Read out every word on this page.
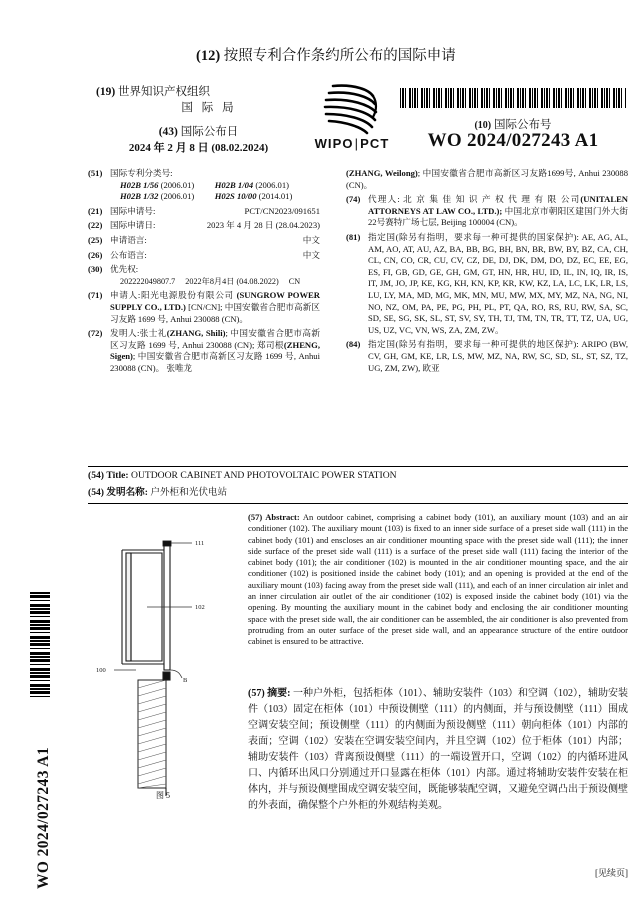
WO 2024/027243 A1
(12) 按照专利合作条约所公布的国际申请
(19) 世界知识产权组织
国 际 局
(43) 国际公布日
2024 年 2 月 8 日 (08.02.2024)	WIPO|PCT
(10) 国际公布号
WO 2024/027243 A1
(51) 国际专利分类号:
H02B 1/56 (2006.01)	H02B 1/04 (2006.01)
H02B 1/32 (2006.01)	H02S 10/00 (2014.01)
(21) 国际申请号:	PCT/CN2023/091651
(22) 国际申请日:	2023 年 4 月 28 日 (28.04.2023)
(25) 申请语言:	中文
(26) 公布语言:	中文
(30) 优先权:
202222049807.7 2022年8月4日 (04.08.2022) CN
(71) 申请人:阳光电源股份有限公司 (SUNGROW POWER SUPPLY CO., LTD.) [CN/CN]; 中国安徽省合肥市高新区习友路 1699 号, Anhui 230088 (CN)。
(72) 发明人:张士礼(ZHANG, Shili); 中国安徽省合肥市高新区习友路 1699 号, Anhui 230088 (CN); 郑司根(ZHENG, Sigen); 中国安徽省合肥市高新区习友路 1699 号, Anhui 230088 (CN)。 张唯龙
(ZHANG, Weilong); 中国安徽省合肥市高新区习友路1699号, Anhui 230088 (CN)。
(74) 代理人: 北 京 集 佳 知 识 产 权 代 理 有 限 公司(UNITALEN ATTORNEYS AT LAW CO., LTD.); 中国北京市朝阳区建国门外大街22号赛特广场七层, Beijing 100004 (CN)。
(81) 指定国(除另有指明，要求每一种可提供的国家保护): AE, AG, AL, AM, AO, AT, AU, AZ, BA, BB, BG, BH, BN, BR, BW, BY, BZ, CA, CH, CL, CN, CO, CR, CU, CV, CZ, DE, DJ, DK, DM, DO, DZ, EC, EE, EG, ES, FI, GB, GD, GE, GH, GM, GT, HN, HR, HU, ID, IL, IN, IQ, IR, IS, IT, JM, JO, JP, KE, KG, KH, KN, KP, KR, KW, KZ, LA, LC, LK, LR, LS, LU, LY, MA, MD, MG, MK, MN, MU, MW, MX, MY, MZ, NA, NG, NI, NO, NZ, OM, PA, PE, PG, PH, PL, PT, QA, RO, RS, RU, RW, SA, SC, SD, SE, SG, SK, SL, ST, SV, SY, TH, TJ, TM, TN, TR, TT, TZ, UA, UG, US, UZ, VC, VN, WS, ZA, ZM, ZW。
(84) 指定国(除另有指明，要求每一种可提供的地区保护): ARIPO (BW, CV, GH, GM, KE, LR, LS, MW, MZ, NA, RW, SC, SD, SL, ST, SZ, TZ, UG, ZM, ZW), 欧亚
(54) Title: OUTDOOR CABINET AND PHOTOVOLTAIC POWER STATION
(54) 发明名称: 户外柜和光伏电站
111
102
100
B
图 5
(57) Abstract: An outdoor cabinet, comprising a cabinet body (101), an auxiliary mount (103) and an air conditioner (102). The auxiliary mount (103) is fixed to an inner side surface of a preset side wall (111) in the cabinet body (101) and enscloses an air conditioner mounting space with the preset side wall (111); the inner side surface of the preset side wall (111) is a surface of the preset side wall (111) facing the interior of the cabinet body (101); the air conditioner (102) is mounted in the air conditioner mounting space, and the air conditioner (102) is positioned inside the cabinet body (101); and an opening is provided at the end of the auxiliary mount (103) facing away from the preset side wall (111), and each of an inner circulation air inlet and an inner circulation air outlet of the air conditioner (102) is exposed inside the cabinet body (101) via the opening. By mounting the auxiliary mount in the cabinet body and enclosing the air conditioner mounting space with the preset side wall, the air conditioner can be assembled, the air conditioner is also prevented from protruding from an outer surface of the preset side wall, and an appearance structure of the entire outdoor cabinet is ensured to be attractive.
(57) 摘要: 一种户外柜，包括柜体（101）、辅助安装件（103）和空调（102），辅助安装件（103）固定在柜体（101）中预设侧壁（111）的内侧面，并与预设侧壁（111）围成空调安装空间；预设侧壁（111）的内侧面为预设侧壁（111）朝向柜体（101）内部的表面；空调（102）安装在空调安装空间内，并且空调（102）位于柜体（101）内部；辅助安装件（103）背离预设侧壁（111）的一端设置开口，空调（102）的内循环进风口、内循环出风口分别通过开口显露在柜体（101）内部。通过将辅助安装件安装在柜体内，并与预设侧壁围成空调安装空间，既能够装配空调，又避免空调凸出于预设侧壁的外表面，确保整个户外柜的外观结构美观。
[见续页]
